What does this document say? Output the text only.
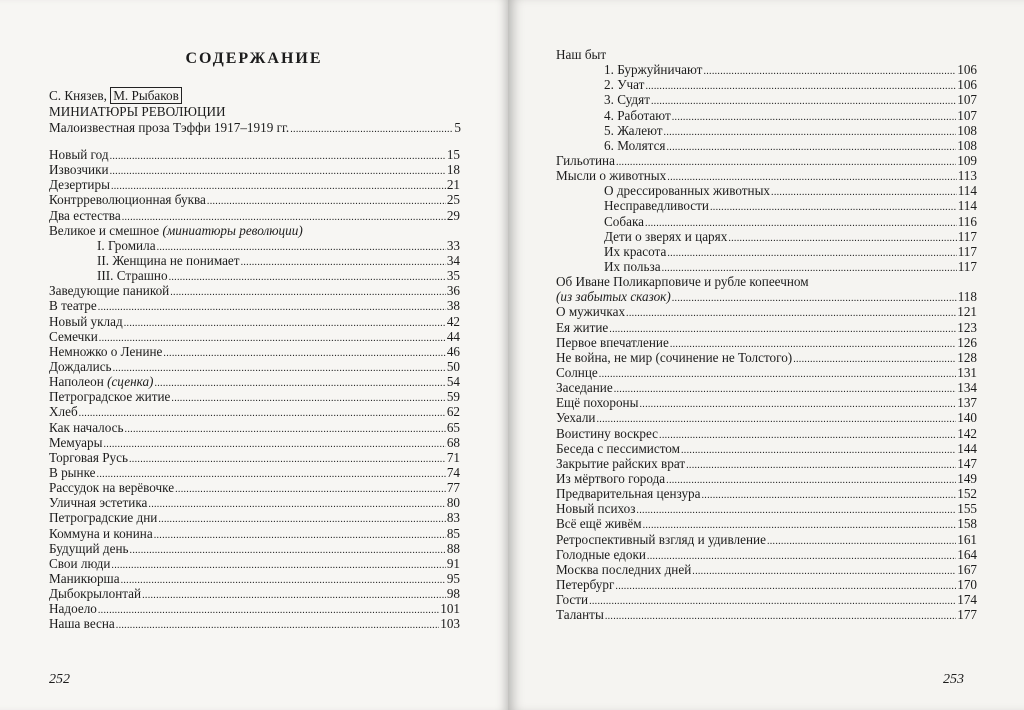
СОДЕРЖАНИЕ
С. Князев, М. Рыбаков
МИНИАТЮРЫ РЕВОЛЮЦИИ
Малоизвестная проза Тэффи 1917–1919 гг. .....	5
Новый год .....	15
Извозчики .....	18
Дезертиры .....	21
Контрреволюционная буква .....	25
Два естества .....	29
Великое и смешное (миниатюры революции)
I. Громила .....	33
II. Женщина не понимает .....	34
III. Страшно .....	35
Заведующие паникой .....	36
В театре .....	38
Новый уклад .....	42
Семечки .....	44
Немножко о Ленине .....	46
Дождались .....	50
Наполеон (сценка) .....	54
Петроградское житие .....	59
Хлеб .....	62
Как началось .....	65
Мемуары .....	68
Торговая Русь .....	71
В рынке .....	74
Рассудок на верёвочке .....	77
Уличная эстетика .....	80
Петроградские дни .....	83
Коммуна и конина .....	85
Будущий день .....	88
Свои люди .....	91
Маникюрша .....	95
Дыбокрылонтай .....	98
Надоело .....	101
Наша весна .....	103
252
Наш быт
1. Буржуйничают .....	106
2. Учат .....	106
3. Судят .....	107
4. Работают .....	107
5. Жалеют .....	108
6. Молятся .....	108
Гильотина .....	109
Мысли о животных .....	113
О дрессированных животных .....	114
Несправедливости .....	114
Собака .....	116
Дети о зверях и царях .....	117
Их красота .....	117
Их польза .....	117
Об Иване Поликарповиче и рубле копеечном
(из забытых сказок) .....	118
О мужичках .....	121
Ея житие .....	123
Первое впечатление .....	126
Не война, не мир (сочинение не Толстого) .....	128
Солнце .....	131
Заседание .....	134
Ещё похороны .....	137
Уехали .....	140
Воистину воскрес .....	142
Беседа с пессимистом .....	144
Закрытие райских врат .....	147
Из мёртвого города .....	149
Предварительная цензура .....	152
Новый психоз .....	155
Всё ещё живём .....	158
Ретроспективный взгляд и удивление .....	161
Голодные едоки .....	164
Москва последних дней .....	167
Петербург .....	170
Гости .....	174
Таланты .....	177
253
